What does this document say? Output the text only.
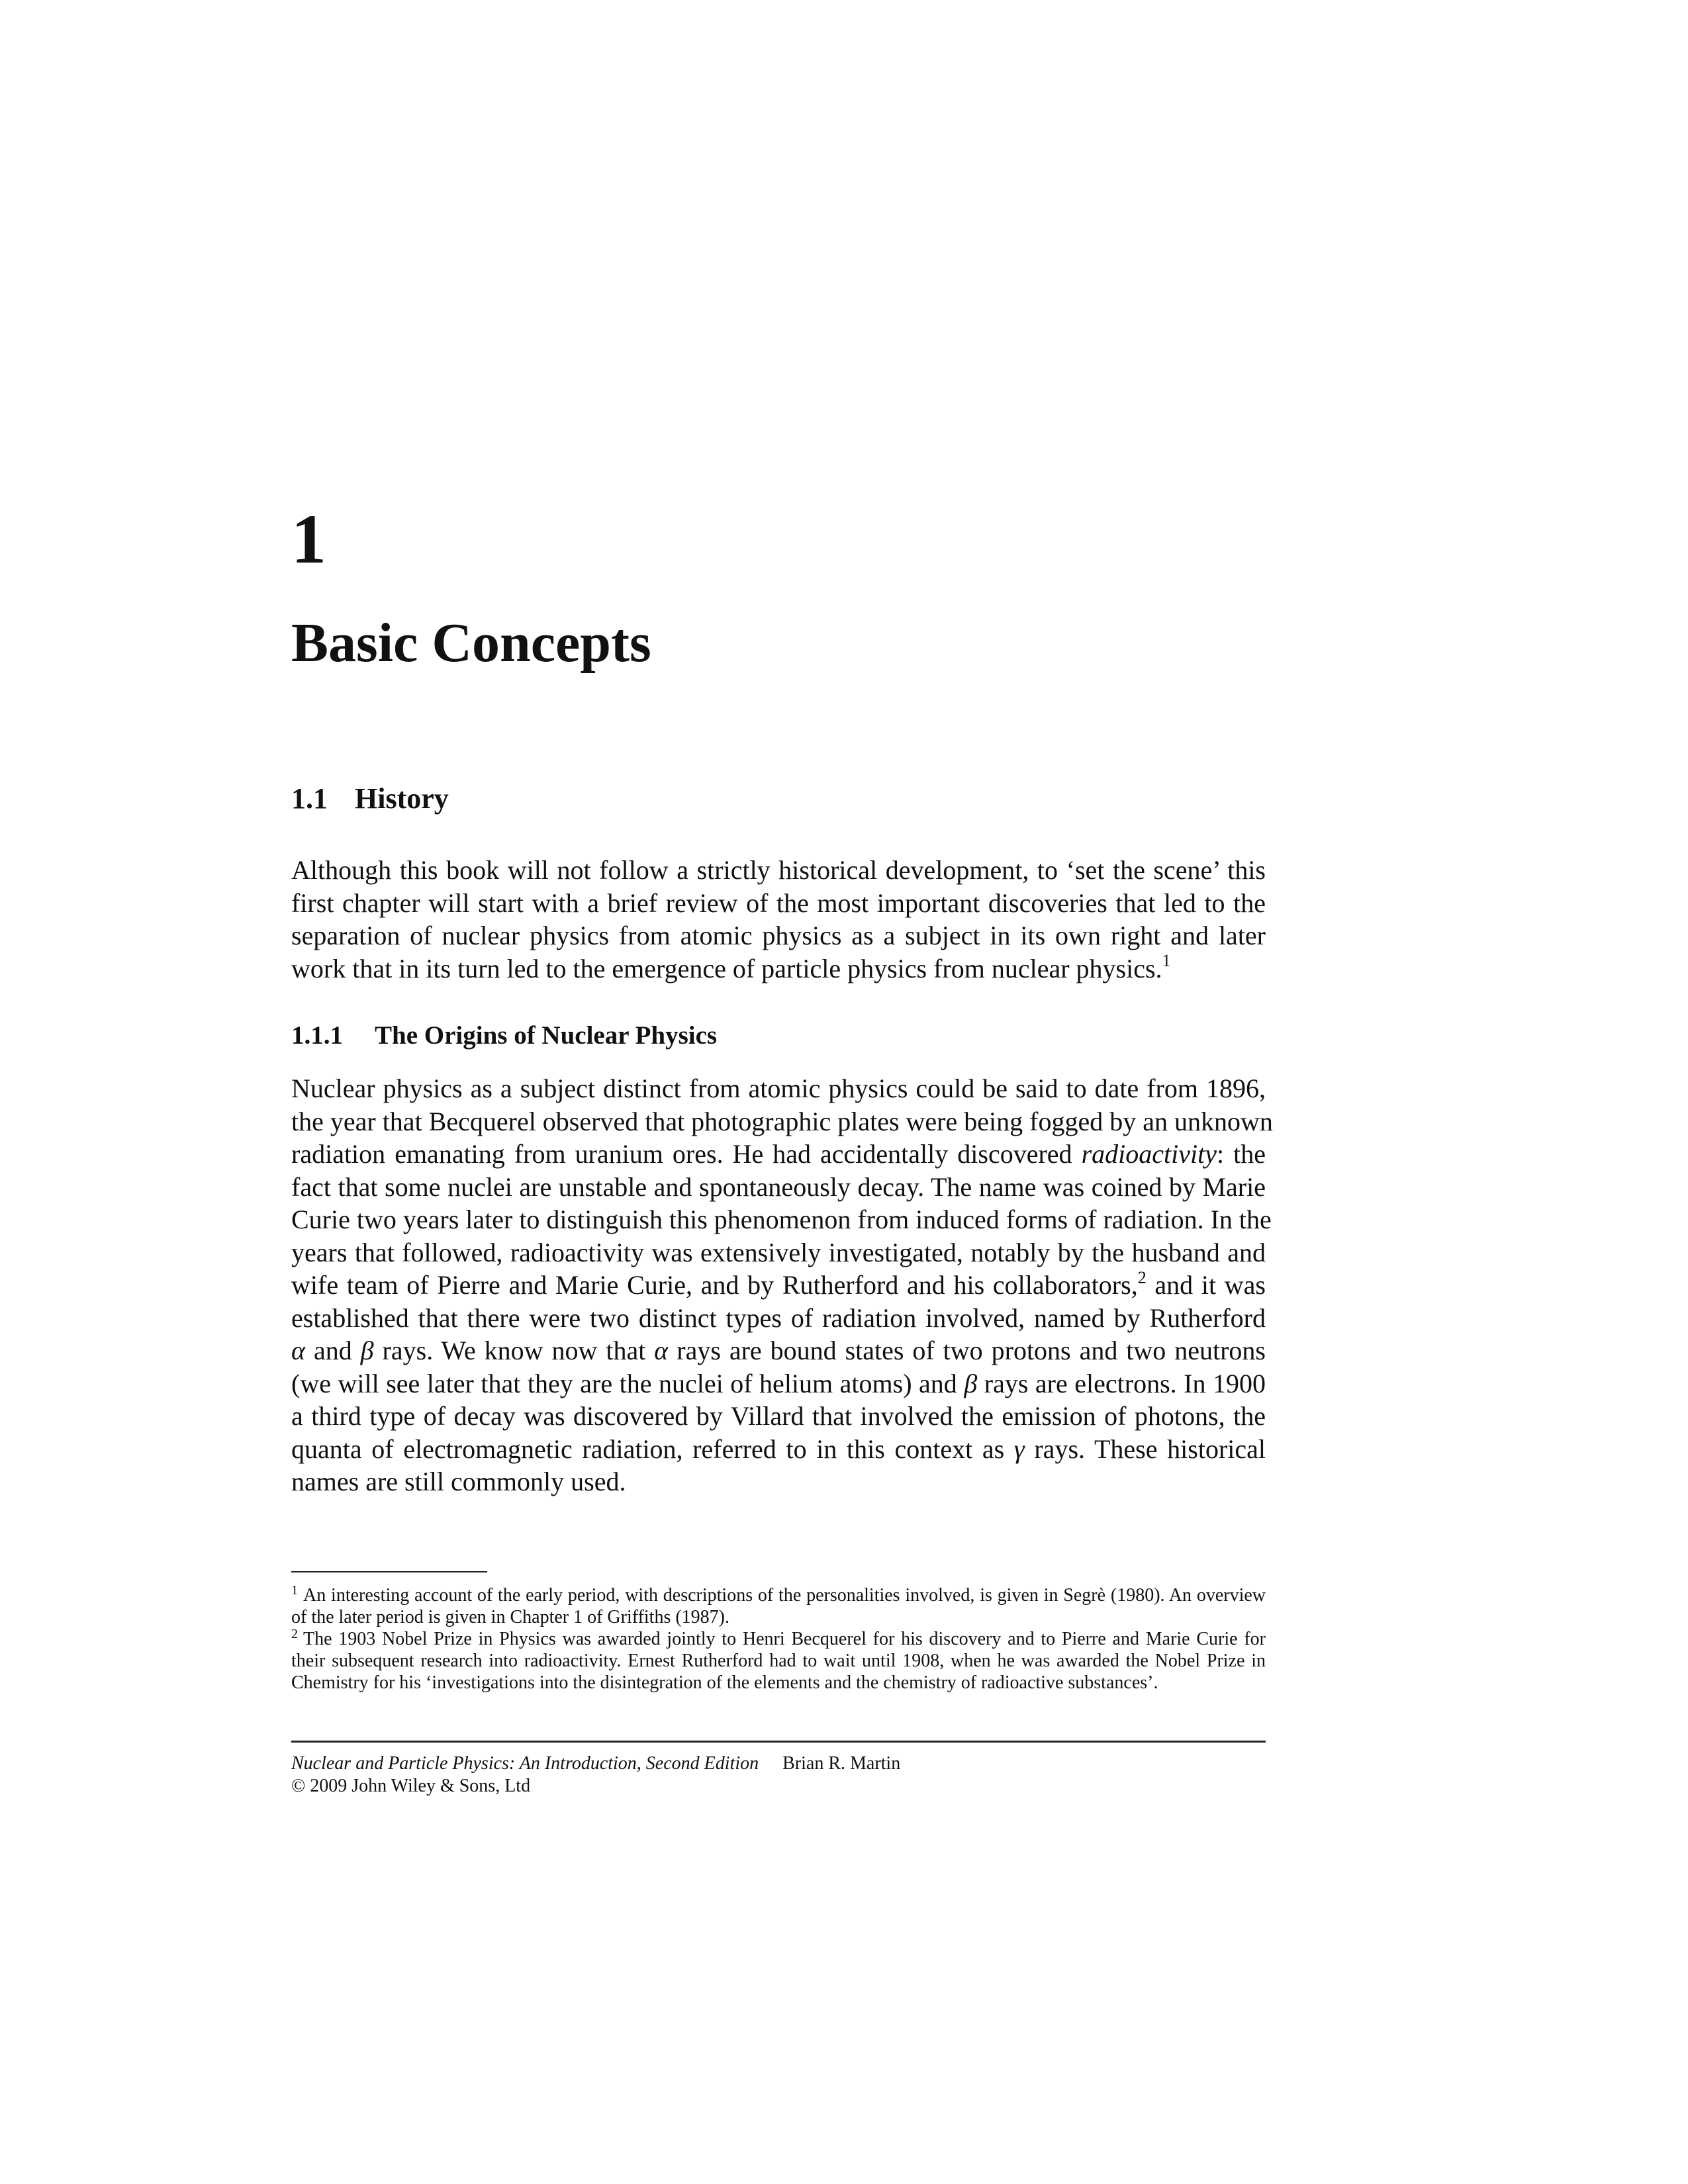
1
Basic Concepts
1.1 History
Although this book will not follow a strictly historical development, to ‘set the scene’ this
first chapter will start with a brief review of the most important discoveries that led to the
separation of nuclear physics from atomic physics as a subject in its own right and later
work that in its turn led to the emergence of particle physics from nuclear physics.$^1$
1.1.1 The Origins of Nuclear Physics
Nuclear physics as a subject distinct from atomic physics could be said to date from 1896,
the year that Becquerel observed that photographic plates were being fogged by an unknown
radiation emanating from uranium ores. He had accidentally discovered radioactivity: the
fact that some nuclei are unstable and spontaneously decay. The name was coined by Marie
Curie two years later to distinguish this phenomenon from induced forms of radiation. In the
years that followed, radioactivity was extensively investigated, notably by the husband and
wife team of Pierre and Marie Curie, and by Rutherford and his collaborators,$^2$ and it was
established that there were two distinct types of radiation involved, named by Rutherford
α and β rays. We know now that α rays are bound states of two protons and two neutrons
(we will see later that they are the nuclei of helium atoms) and β rays are electrons. In 1900
a third type of decay was discovered by Villard that involved the emission of photons, the
quanta of electromagnetic radiation, referred to in this context as γ rays. These historical
names are still commonly used.
$^1$ An interesting account of the early period, with descriptions of the personalities involved, is given in Segrè (1980). An overview
of the later period is given in Chapter 1 of Griffiths (1987).
$^2$ The 1903 Nobel Prize in Physics was awarded jointly to Henri Becquerel for his discovery and to Pierre and Marie Curie for
their subsequent research into radioactivity. Ernest Rutherford had to wait until 1908, when he was awarded the Nobel Prize in
Chemistry for his ‘investigations into the disintegration of the elements and the chemistry of radioactive substances’.
Nuclear and Particle Physics: An Introduction, Second Edition Brian R. Martin
© 2009 John Wiley & Sons, Ltd
